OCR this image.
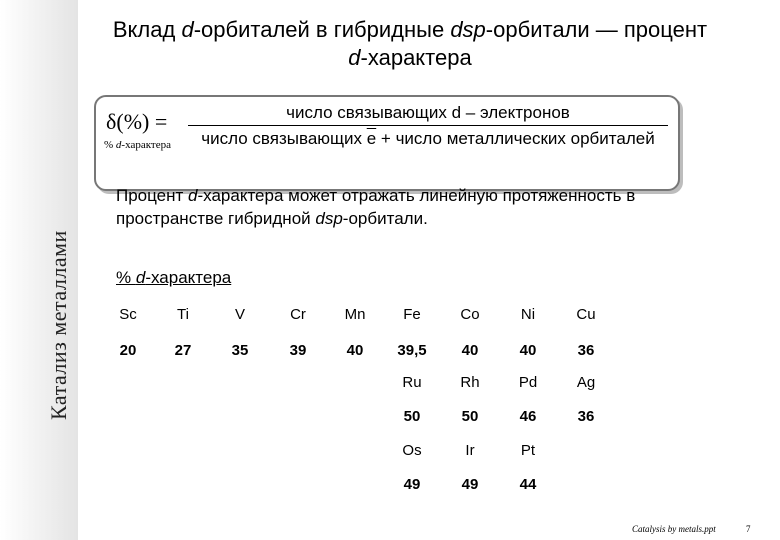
Катализ металлами
Вклад d-орбиталей в гибридные dsp-орбитали — процент
d-характера
δ(%) =	число связывающих d – электронов
число связывающих $\overline{e}$ + число металлических орбиталей
% d-характера
Процент d-характера может отражать линейную протяженность в пространстве гибридной dsp-орбитали.
% d-характера
Sc
20
Ti
27
V
35
Cr
39
Mn
40
Fe
39,5
Co
40
Ni
40
Cu
36
Ru
50
Rh
50
Pd
46
Ag
36
Os
49
Ir
49
Pt
44
Catalysis by metals.ppt	7
